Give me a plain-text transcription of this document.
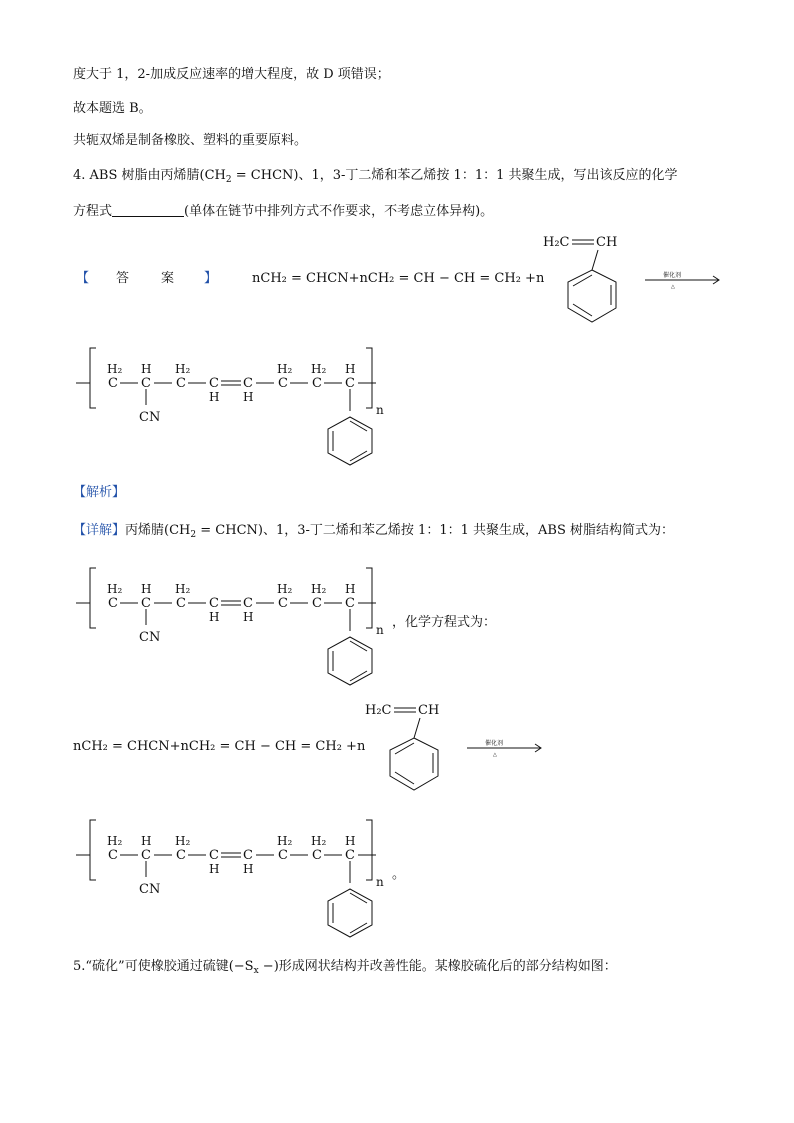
度大于 1，2-加成反应速率的增大程度，故 D 项错误；
故本题选 B。
共轭双烯是制备橡胶、塑料的重要原料。
4. ABS 树脂由丙烯腈($CH_2$ = CHCN)、1，3-丁二烯和苯乙烯按 1：1：1 共聚生成，写出该反应的化学
方程式	(单体在链节中排列方式不作要求，不考虑立体异构)。
【 答 案 】	nCH₂ = CHCN+nCH₂ = CH − CH = CH₂ +n
H₂C CH
催化剂
△
H₂
C
H
C
CN
H₂
C C
H
C
H
H₂
C
H₂
C
H
C
n
【解析】
【详解】丙烯腈($CH_2$ = CHCN)、1，3-丁二烯和苯乙烯按 1：1：1 共聚生成，ABS 树脂结构简式为：
H₂
C
H
C
CN
H₂
C C
H
C
H
H₂
C
H₂
C
H
C
n ，化学方程式为：
nCH₂ = CHCN+nCH₂ = CH − CH = CH₂ +n
H₂C CH
催化剂
△
H₂
C
H
C
CN
H₂
C C
H
C
H
H₂
C
H₂
C
H
C
n 。
5.“硫化”可使橡胶通过硫键($-S_x$ −)形成网状结构并改善性能。某橡胶硫化后的部分结构如图：
